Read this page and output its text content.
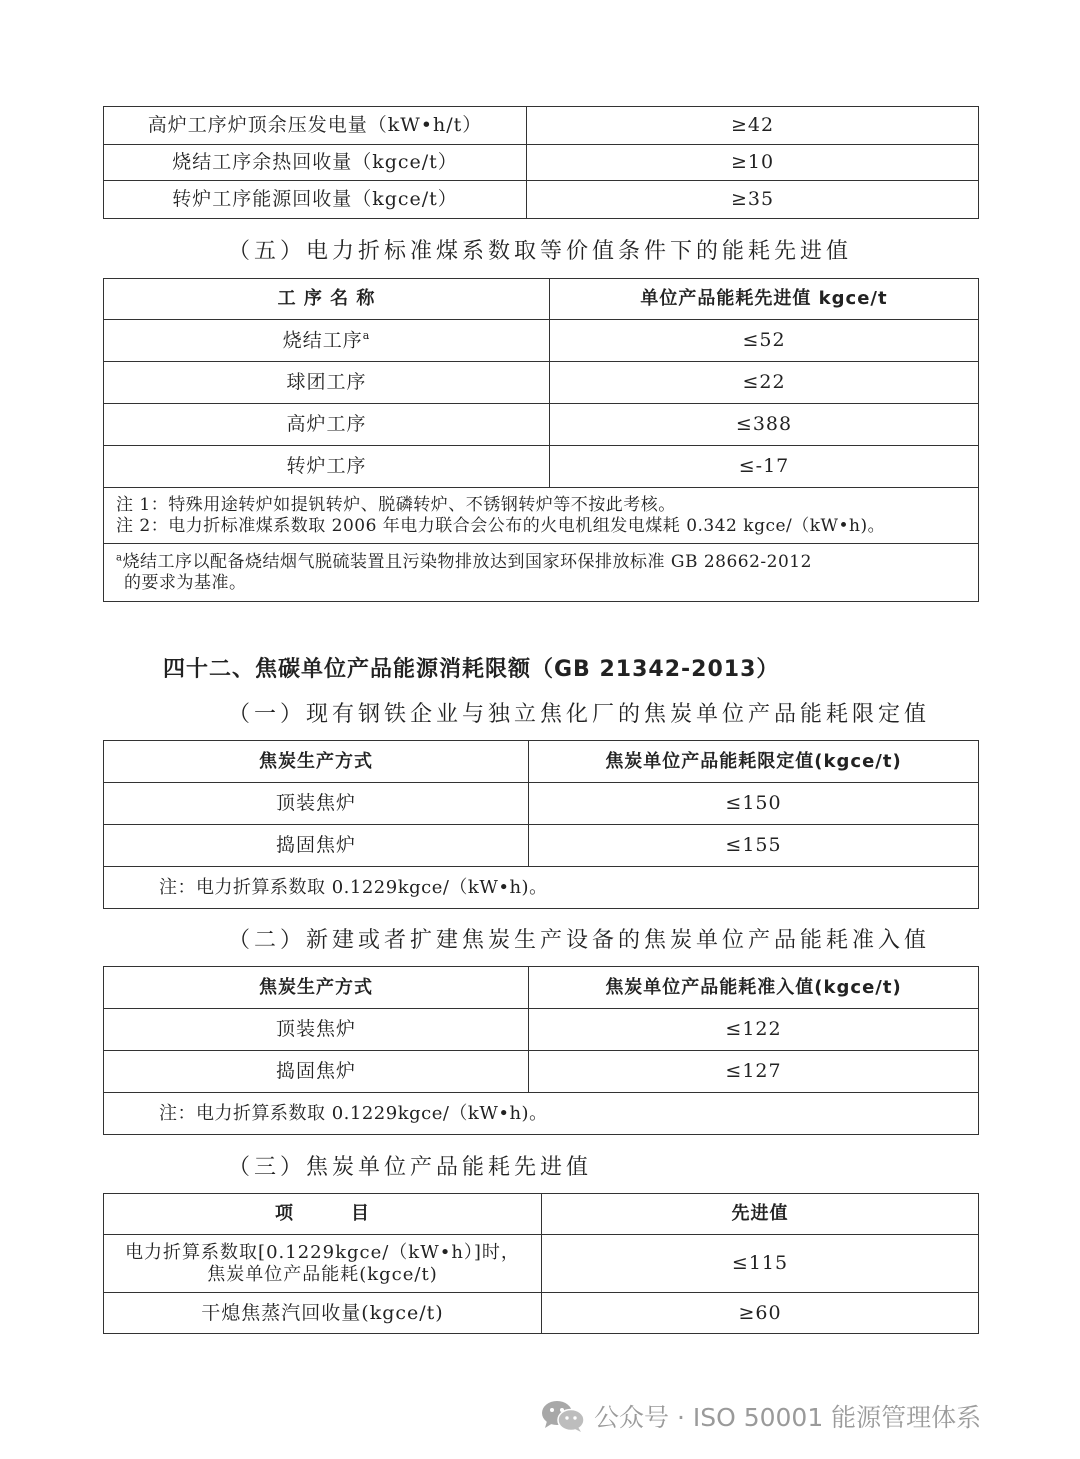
高炉工序炉顶余压发电量（kW•h/t）	≥42
烧结工序余热回收量（kgce/t）	≥10
转炉工序能源回收量（kgce/t）	≥35
（五）电力折标准煤系数取等价值条件下的能耗先进值
工 序 名 称	单位产品能耗先进值 kgce/t
烧结工序$^a$	≤52
球团工序	≤22
高炉工序	≤388
转炉工序	≤-17

注 1：特殊用途转炉如提钒转炉、脱磷转炉、不锈钢转炉等不按此考核。
注 2：电力折标准煤系数取 2006 年电力联合会公布的火电机组发电煤耗 0.342 kgce/（kW•h)。	

$^a$烧结工序以配备烧结烟气脱硫装置且污染物排放达到国家环保排放标准 GB 28662-2012
的要求为基准。	
四十二、焦碳单位产品能源消耗限额（GB 21342-2013）
（一）现有钢铁企业与独立焦化厂的焦炭单位产品能耗限定值
焦炭生产方式	焦炭单位产品能耗限定值(kgce/t)
顶装焦炉	≤150
捣固焦炉	≤155
注：电力折算系数取 0.1229kgce/（kW•h)。	
（二）新建或者扩建焦炭生产设备的焦炭单位产品能耗准入值
焦炭生产方式	焦炭单位产品能耗准入值(kgce/t)
顶装焦炉	≤122
捣固焦炉	≤127
注：电力折算系数取 0.1229kgce/（kW•h)。	
（三）焦炭单位产品能耗先进值
项　　　目	先进值

电力折算系数取[0.1229kgce/（kW•h）]时，
焦炭单位产品能耗(kgce/t)	≤115
干熄焦蒸汽回收量(kgce/t)	≥60
公众号 · ISO 50001 能源管理体系
